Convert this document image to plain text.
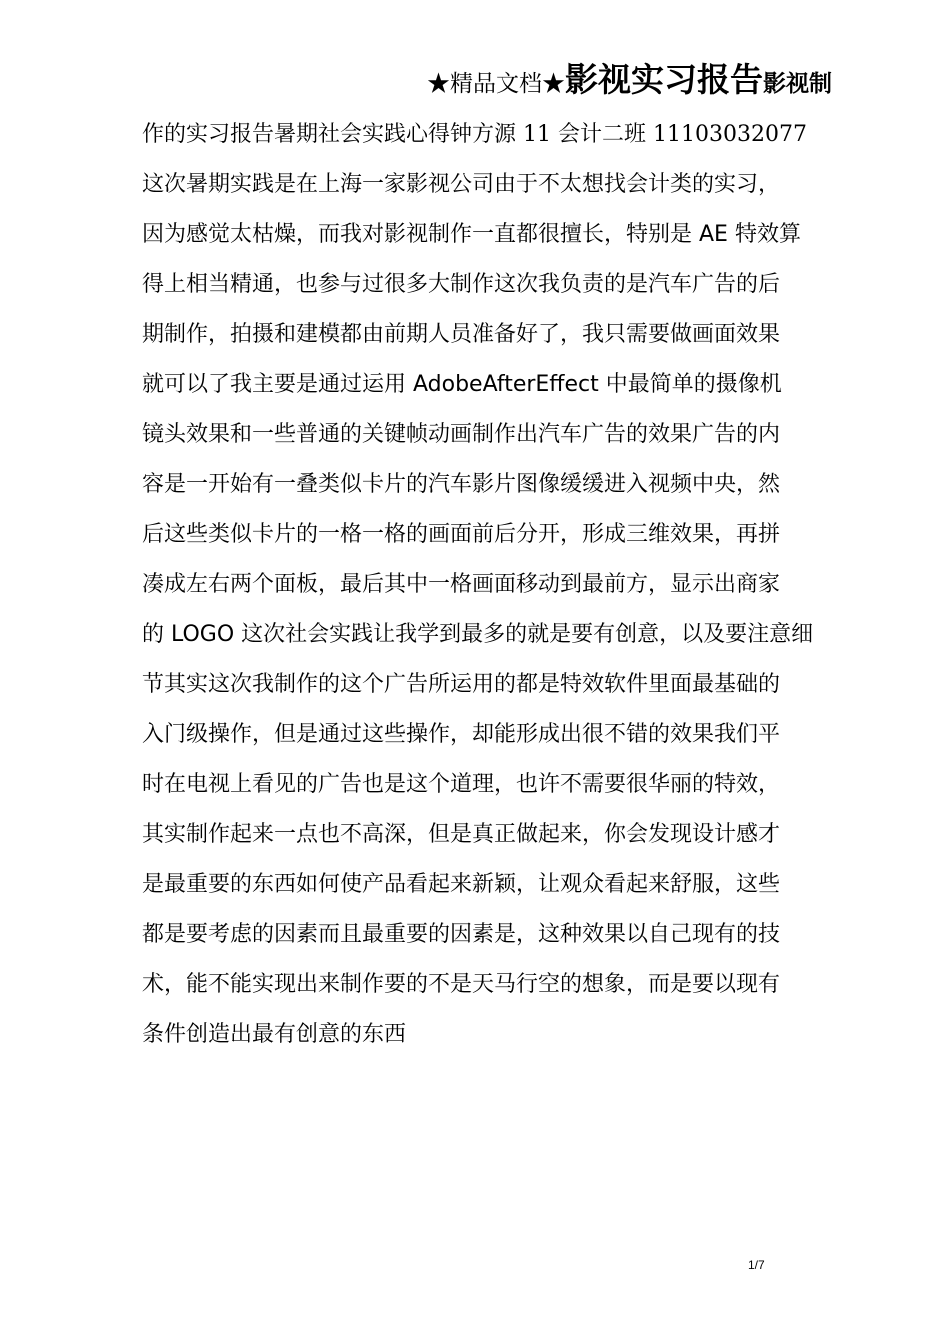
★精品文档★影视实习报告影视制
作的实习报告暑期社会实践心得钟方源 11 会计二班 11103032077
这次暑期实践是在上海一家影视公司由于不太想找会计类的实习，
因为感觉太枯燥，而我对影视制作一直都很擅长，特别是 AE 特效算
得上相当精通，也参与过很多大制作这次我负责的是汽车广告的后
期制作，拍摄和建模都由前期人员准备好了，我只需要做画面效果
就可以了我主要是通过运用 AdobeAfterEffect 中最简单的摄像机
镜头效果和一些普通的关键帧动画制作出汽车广告的效果广告的内
容是一开始有一叠类似卡片的汽车影片图像缓缓进入视频中央，然
后这些类似卡片的一格一格的画面前后分开，形成三维效果，再拼
凑成左右两个面板，最后其中一格画面移动到最前方，显示出商家
的 LOGO 这次社会实践让我学到最多的就是要有创意，以及要注意细
节其实这次我制作的这个广告所运用的都是特效软件里面最基础的
入门级操作，但是通过这些操作，却能形成出很不错的效果我们平
时在电视上看见的广告也是这个道理，也许不需要很华丽的特效，
其实制作起来一点也不高深，但是真正做起来，你会发现设计感才
是最重要的东西如何使产品看起来新颖，让观众看起来舒服，这些
都是要考虑的因素而且最重要的因素是，这种效果以自己现有的技
术，能不能实现出来制作要的不是天马行空的想象，而是要以现有
条件创造出最有创意的东西
1/7
